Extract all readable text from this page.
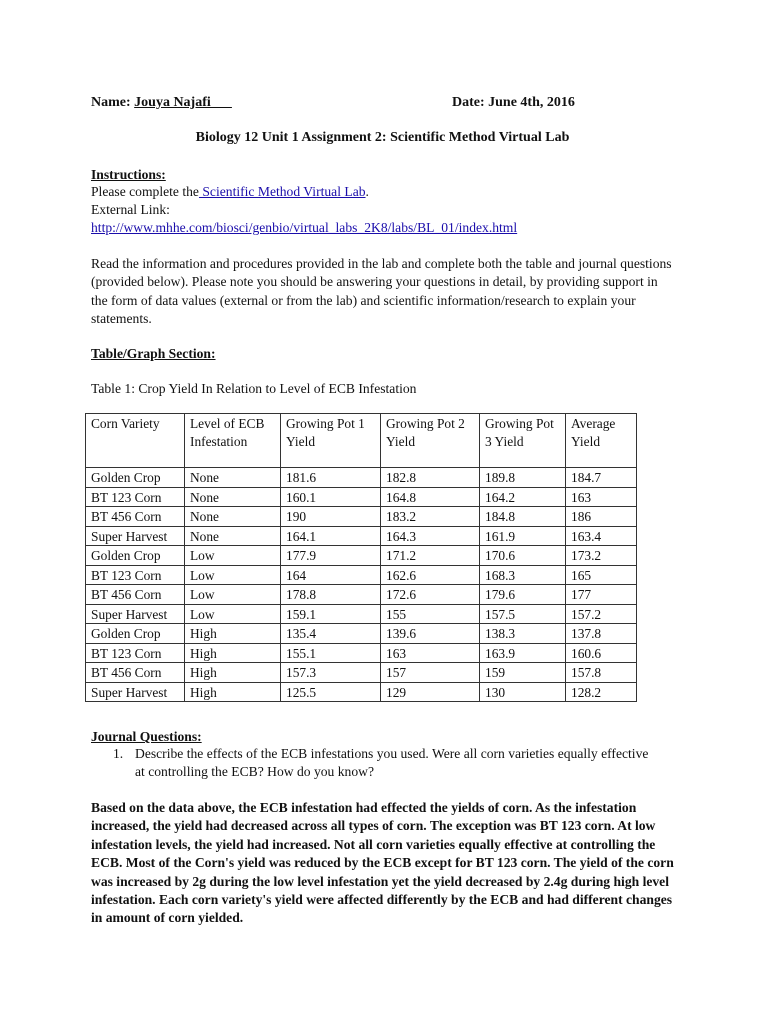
Name: Jouya Najafi___	Date: June 4th, 2016
Biology 12 Unit 1 Assignment 2: Scientific Method Virtual Lab
Instructions:
Please complete the Scientific Method Virtual Lab.
External Link:
http://www.mhhe.com/biosci/genbio/virtual_labs_2K8/labs/BL_01/index.html
Read the information and procedures provided in the lab and complete both the table and journal questions (provided below). Please note you should be answering your questions in detail, by providing support in the form of data values (external or from the lab) and scientific information/research to explain your statements.
Table/Graph Section:
Table 1: Crop Yield In Relation to Level of ECB Infestation
Corn Variety	Level of ECB Infestation	Growing Pot 1 Yield	Growing Pot 2 Yield	Growing Pot 3 Yield	Average Yield
Golden Crop	None	181.6	182.8	189.8	184.7
BT 123 Corn	None	160.1	164.8	164.2	163
BT 456 Corn	None	190	183.2	184.8	186
Super Harvest	None	164.1	164.3	161.9	163.4
Golden Crop	Low	177.9	171.2	170.6	173.2
BT 123 Corn	Low	164	162.6	168.3	165
BT 456 Corn	Low	178.8	172.6	179.6	177
Super Harvest	Low	159.1	155	157.5	157.2
Golden Crop	High	135.4	139.6	138.3	137.8
BT 123 Corn	High	155.1	163	163.9	160.6
BT 456 Corn	High	157.3	157	159	157.8
Super Harvest	High	125.5	129	130	128.2
Journal Questions:
1. Describe the effects of the ECB infestations you used. Were all corn varieties equally effective at controlling the ECB? How do you know?
Based on the data above, the ECB infestation had effected the yields of corn. As the infestation increased, the yield had decreased across all types of corn. The exception was BT 123 corn. At low infestation levels, the yield had increased. Not all corn varieties equally effective at controlling the ECB. Most of the Corn's yield was reduced by the ECB except for BT 123 corn. The yield of the corn was increased by 2g during the low level infestation yet the yield decreased by 2.4g during high level infestation. Each corn variety's yield were affected differently by the ECB and had different changes in amount of corn yielded.
